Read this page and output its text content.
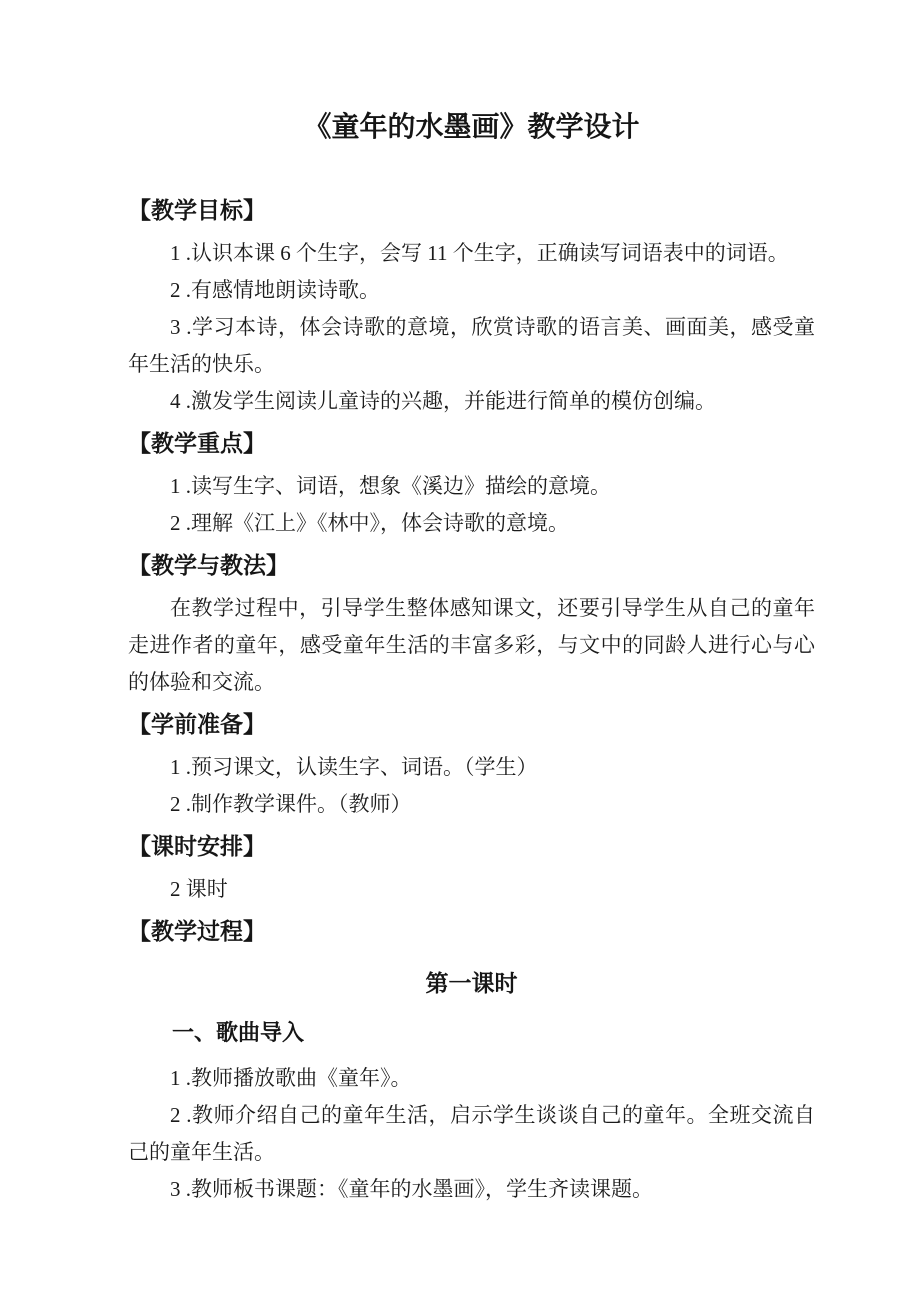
《童年的水墨画》教学设计
【教学目标】

1 .认识本课 6 个生字，会写 11 个生字，正确读写词语表中的词语。

2 .有感情地朗读诗歌。

3 .学习本诗，体会诗歌的意境，欣赏诗歌的语言美、画面美，感受童年生活的快乐。

4 .激发学生阅读儿童诗的兴趣，并能进行简单的模仿创编。

【教学重点】

1 .读写生字、词语，想象《溪边》描绘的意境。

2 .理解《江上》《林中》，体会诗歌的意境。

【教学与教法】

在教学过程中，引导学生整体感知课文，还要引导学生从自己的童年走进作者的童年，感受童年生活的丰富多彩，与文中的同龄人进行心与心的体验和交流。

【学前准备】

1 .预习课文，认读生字、词语。（学生）

2 .制作教学课件。（教师）

【课时安排】

2 课时

【教学过程】
第一课时
一、歌曲导入

1 .教师播放歌曲《童年》。

2 .教师介绍自己的童年生活，启示学生谈谈自己的童年。全班交流自己的童年生活。

3 .教师板书课题：《童年的水墨画》，学生齐读课题。
